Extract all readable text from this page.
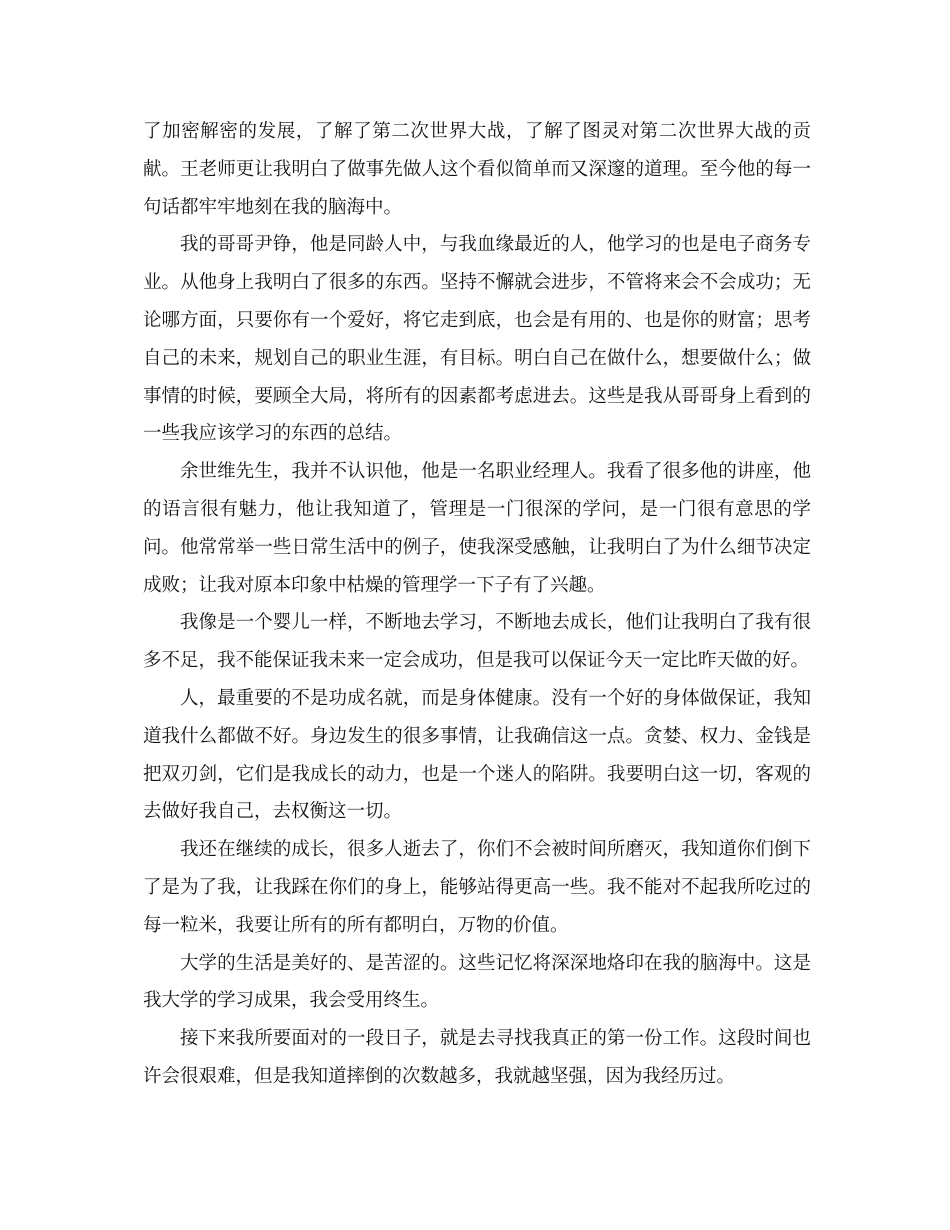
了加密解密的发展，了解了第二次世界大战，了解了图灵对第二次世界大战的贡献。王老师更让我明白了做事先做人这个看似简单而又深邃的道理。至今他的每一句话都牢牢地刻在我的脑海中。

我的哥哥尹铮，他是同龄人中，与我血缘最近的人，他学习的也是电子商务专业。从他身上我明白了很多的东西。坚持不懈就会进步，不管将来会不会成功；无论哪方面，只要你有一个爱好，将它走到底，也会是有用的、也是你的财富；思考自己的未来，规划自己的职业生涯，有目标。明白自己在做什么，想要做什么；做事情的时候，要顾全大局，将所有的因素都考虑进去。这些是我从哥哥身上看到的一些我应该学习的东西的总结。

余世维先生，我并不认识他，他是一名职业经理人。我看了很多他的讲座，他的语言很有魅力，他让我知道了，管理是一门很深的学问，是一门很有意思的学问。他常常举一些日常生活中的例子，使我深受感触，让我明白了为什么细节决定成败；让我对原本印象中枯燥的管理学一下子有了兴趣。

我像是一个婴儿一样，不断地去学习，不断地去成长，他们让我明白了我有很多不足，我不能保证我未来一定会成功，但是我可以保证今天一定比昨天做的好。

人，最重要的不是功成名就，而是身体健康。没有一个好的身体做保证，我知道我什么都做不好。身边发生的很多事情，让我确信这一点。贪婪、权力、金钱是把双刃剑，它们是我成长的动力，也是一个迷人的陷阱。我要明白这一切，客观的去做好我自己，去权衡这一切。

我还在继续的成长，很多人逝去了，你们不会被时间所磨灭，我知道你们倒下了是为了我，让我踩在你们的身上，能够站得更高一些。我不能对不起我所吃过的每一粒米，我要让所有的所有都明白，万物的价值。

大学的生活是美好的、是苦涩的。这些记忆将深深地烙印在我的脑海中。这是我大学的学习成果，我会受用终生。

接下来我所要面对的一段日子，就是去寻找我真正的第一份工作。这段时间也许会很艰难，但是我知道摔倒的次数越多，我就越坚强，因为我经历过。
